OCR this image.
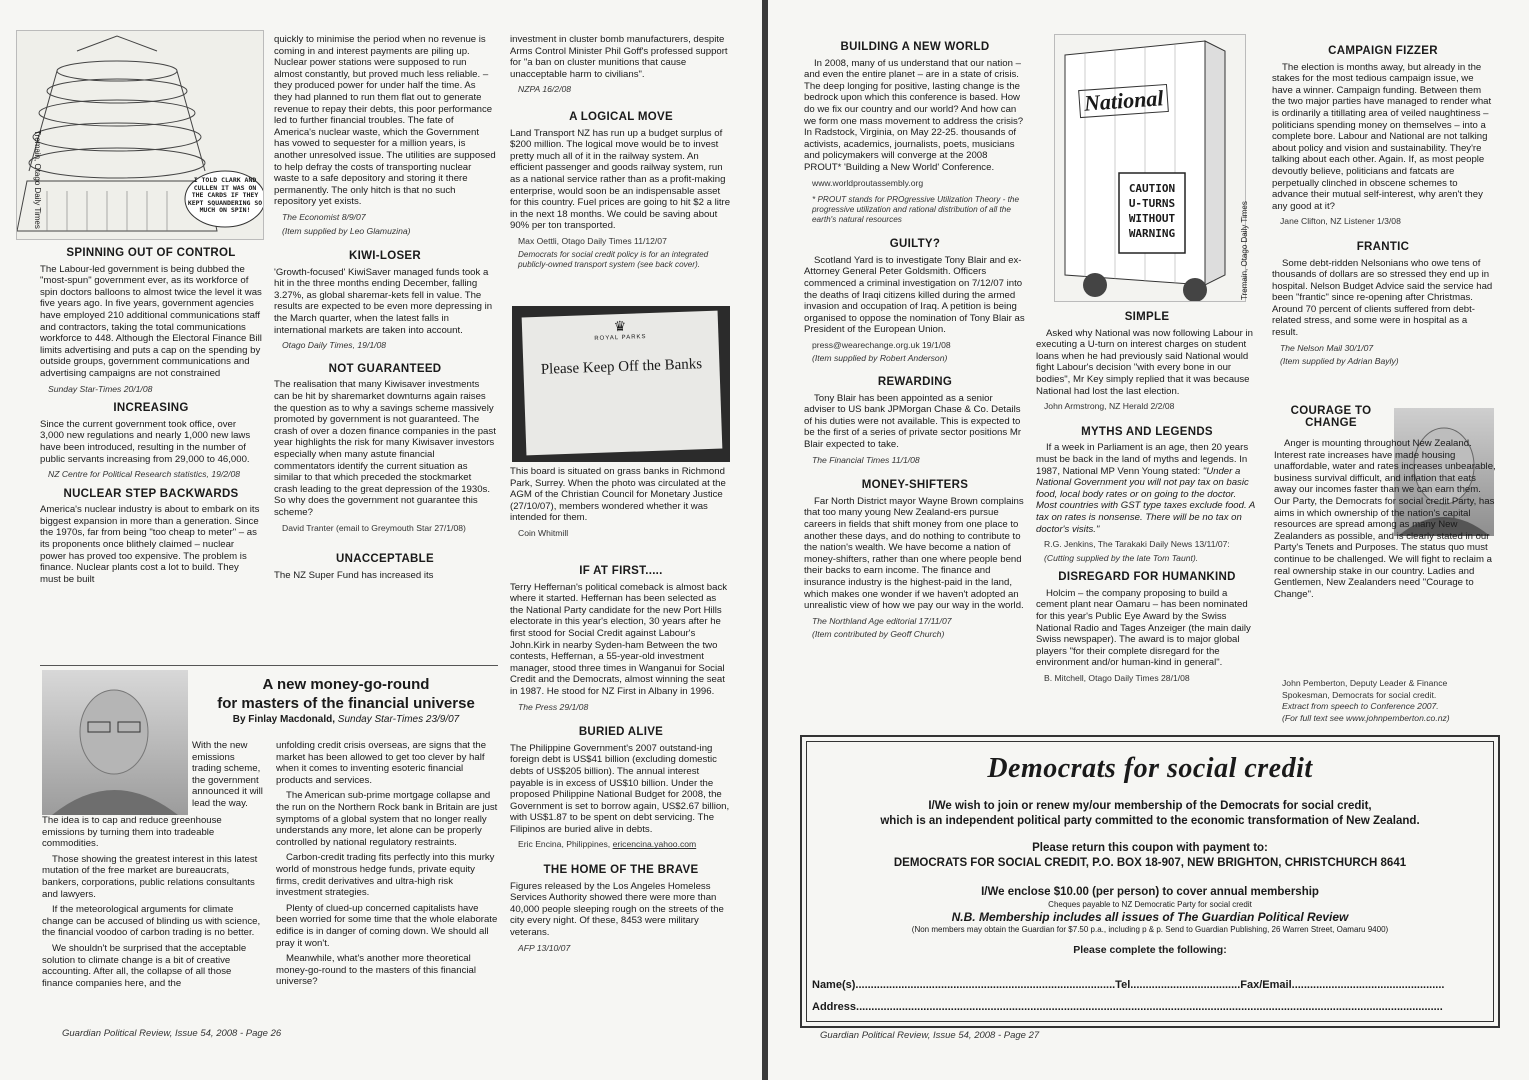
I TOLD CLARK AND CULLEN IT WAS ON THE CARDS IF THEY KEPT SQUANDERING SO MUCH ON SPIN!
Tremain, Otago Daily Times
SPINNING OUT OF CONTROL

The Labour-led government is being dubbed the "most-spun" government ever, as its workforce of spin doctors balloons to almost twice the level it was five years ago. In five years, government agencies have employed 210 additional communications staff and contractors, taking the total communications workforce to 448. Although the Electoral Finance Bill limits advertising and puts a cap on the spending by outside groups, government communications and advertising campaigns are not constrained

Sunday Star-Times 20/1/08
INCREASING

Since the current government took office, over 3,000 new regulations and nearly 1,000 new laws have been introduced, resulting in the number of public servants increasing from 29,000 to 46,000.

NZ Centre for Political Research statistics, 19/2/08
NUCLEAR STEP BACKWARDS

America's nuclear industry is about to embark on its biggest expansion in more than a generation. Since the 1970s, far from being "too cheap to meter" – as its proponents once blithely claimed – nuclear power has proved too expensive. The problem is finance. Nuclear plants cost a lot to build. They must be built

quickly to minimise the period when no revenue is coming in and interest payments are piling up. Nuclear power stations were supposed to run almost constantly, but proved much less reliable. – they produced power for under half the time. As they had planned to run them flat out to generate revenue to repay their debts, this poor performance led to further financial troubles. The fate of America's nuclear waste, which the Government has vowed to sequester for a million years, is another unresolved issue. The utilities are supposed to help defray the costs of transporting nuclear waste to a safe depository and storing it there permanently. The only hitch is that no such repository yet exists.

The Economist 8/9/07
(Item supplied by Leo Glamuzina)
KIWI-LOSER

'Growth-focused' KiwiSaver managed funds took a hit in the three months ending December, falling 3.27%, as global sharemar-kets fell in value. The results are expected to be even more depressing in the March quarter, when the latest falls in international markets are taken into account.

Otago Daily Times, 19/1/08
NOT GUARANTEED

The realisation that many Kiwisaver investments can be hit by sharemarket downturns again raises the question as to why a savings scheme massively promoted by government is not guaranteed. The crash of over a dozen finance companies in the past year highlights the risk for many Kiwisaver investors especially when many astute financial commentators identify the current situation as similar to that which preceded the stockmarket crash leading to the great depression of the 1930s. So why does the government not guarantee this scheme?

David Tranter (email to Greymouth Star 27/1/08)
UNACCEPTABLE

The NZ Super Fund has increased its

investment in cluster bomb manufacturers, despite Arms Control Minister Phil Goff's professed support for "a ban on cluster munitions that cause unacceptable harm to civilians".

NZPA 16/2/08
A LOGICAL MOVE

Land Transport NZ has run up a budget surplus of $200 million. The logical move would be to invest pretty much all of it in the railway system. An efficient passenger and goods railway system, run as a national service rather than as a profit-making enterprise, would soon be an indispensable asset for this country. Fuel prices are going to hit $2 a litre in the next 18 months. We could be saving about 90% per ton transported.

Max Oettli, Otago Daily Times 11/12/07
Democrats for social credit policy is for an integrated publicly-owned transport system (see back cover).
♛
ROYAL PARKS
Please Keep Off the Banks

This board is situated on grass banks in Richmond Park, Surrey. When the photo was circulated at the AGM of the Christian Council for Monetary Justice (27/10/07), members wondered whether it was intended for them.

Coin Whitmill
A new money-go-round
for masters of the financial universe
By Finlay Macdonald, Sunday Star-Times 23/9/07

With the new emissions trading scheme, the government announced it will lead the way.

The idea is to cap and reduce greenhouse emissions by turning them into tradeable commodities.

Those showing the greatest interest in this latest mutation of the free market are bureaucrats, bankers, corporations, public relations consultants and lawyers.

If the meteorological arguments for climate change can be accused of blinding us with science, the financial voodoo of carbon trading is no better.

We shouldn't be surprised that the acceptable solution to climate change is a bit of creative accounting. After all, the collapse of all those finance companies here, and the

unfolding credit crisis overseas, are signs that the market has been allowed to get too clever by half when it comes to inventing esoteric financial products and services.

The American sub-prime mortgage collapse and the run on the Northern Rock bank in Britain are just symptoms of a global system that no longer really understands any more, let alone can be properly controlled by national regulatory restraints.

Carbon-credit trading fits perfectly into this murky world of monstrous hedge funds, private equity firms, credit derivatives and ultra-high risk investment strategies.

Plenty of clued-up concerned capitalists have been worried for some time that the whole elaborate edifice is in danger of coming down. We should all pray it won't.

Meanwhile, what's another more theoretical money-go-round to the masters of this financial universe?

IF AT FIRST.....

Terry Heffernan's political comeback is almost back where it started. Heffernan has been selected as the National Party candidate for the new Port Hills electorate in this year's election, 30 years after he first stood for Social Credit against Labour's John.Kirk in nearby Syden-ham Between the two contests, Heffernan, a 55-year-old investment manager, stood three times in Wanganui for Social Credit and the Democrats, almost winning the seat in 1987. He stood for NZ First in Albany in 1996.

The Press 29/1/08
BURIED ALIVE

The Philippine Government's 2007 outstand-ing foreign debt is US$41 billion (excluding domestic debts of US$205 billion). The annual interest payable is in excess of US$10 billion. Under the proposed Philippine National Budget for 2008, the Government is set to borrow again, US$2.67 billion, with US$1.87 to be spent on debt servicing. The Filipinos are buried alive in debts.

Eric Encina, Philippines, ericencina.yahoo.com
THE HOME OF THE BRAVE

Figures released by the Los Angeles Homeless Services Authority showed there were more than 40,000 people sleeping rough on the streets of the city every night. Of these, 8453 were military veterans.

AFP 13/10/07
Guardian Political Review, Issue 54, 2008 - Page 26
BUILDING A NEW WORLD

In 2008, many of us understand that our nation – and even the entire planet – are in a state of crisis. The deep longing for positive, lasting change is the bedrock upon which this conference is based. How do we fix our country and our world? And how can we form one mass movement to address the crisis? In Radstock, Virginia, on May 22-25. thousands of activists, academics, journalists, poets, musicians and policymakers will converge at the 2008 PROUT* 'Building a New World' Conference.

www.worldproutassembly.org
* PROUT stands for PROgressive Utilization Theory - the progressive utilization and rational distribution of all the earth's natural resources
GUILTY?

Scotland Yard is to investigate Tony Blair and ex-Attorney General Peter Goldsmith. Officers commenced a criminal investigation on 7/12/07 into the deaths of Iraqi citizens killed during the armed invasion and occupation of Iraq. A petition is being organised to oppose the nomination of Tony Blair as President of the European Union.

press@wearechange.org.uk 19/1/08
(Item supplied by Robert Anderson)
REWARDING

Tony Blair has been appointed as a senior adviser to US bank JPMorgan Chase & Co. Details of his duties were not available. This is expected to be the first of a series of private sector positions Mr Blair expected to take.

The Financial Times 11/1/08
MONEY-SHIFTERS

Far North District mayor Wayne Brown complains that too many young New Zealand-ers pursue careers in fields that shift money from one place to another these days, and do nothing to contribute to the nation's wealth. We have become a nation of money-shifters, rather than one where people bend their backs to earn income. The finance and insurance industry is the highest-paid in the land, which makes one wonder if we haven't adopted an unrealistic view of how we pay our way in the world.

The Northland Age editorial 17/11/07
(Item contributed by Geoff Church)
National
CAUTION U-TURNS WITHOUT WARNING	Tremain, Otago Daily Times
SIMPLE

Asked why National was now following Labour in executing a U-turn on interest charges on student loans when he had previously said National would fight Labour's decision "with every bone in our bodies", Mr Key simply replied that it was because National had lost the last election.

John Armstrong, NZ Herald 2/2/08
MYTHS AND LEGENDS

If a week in Parliament is an age, then 20 years must be back in the land of myths and legends. In 1987, National MP Venn Young stated: "Under a National Government you will not pay tax on basic food, local body rates or on going to the doctor. Most countries with GST type taxes exclude food. A tax on rates is nonsense. There will be no tax on doctor's visits."

R.G. Jenkins, The Tarakaki Daily News 13/11/07:
(Cutting supplied by the late Tom Taunt).
DISREGARD FOR HUMANKIND

Holcim – the company proposing to build a cement plant near Oamaru – has been nominated for this year's Public Eye Award by the Swiss National Radio and Tages Anzeiger (the main daily Swiss newspaper). The award is to major global players "for their complete disregard for the environment and/or human-kind in general".

B. Mitchell, Otago Daily Times 28/1/08
CAMPAIGN FIZZER

The election is months away, but already in the stakes for the most tedious campaign issue, we have a winner. Campaign funding. Between them the two major parties have managed to render what is ordinarily a titillating area of veiled naughtiness – politicians spending money on themselves – into a complete bore. Labour and National are not talking about policy and vision and sustainability. They're talking about each other. Again. If, as most people devoutly believe, politicians and fatcats are perpetually clinched in obscene schemes to advance their mutual self-interest, why aren't they any good at it?

Jane Clifton, NZ Listener 1/3/08
FRANTIC

Some debt-ridden Nelsonians who owe tens of thousands of dollars are so stressed they end up in hospital. Nelson Budget Advice said the service had been "frantic" since re-opening after Christmas. Around 70 percent of clients suffered from debt-related stress, and some were in hospital as a result.

The Nelson Mail 30/1/07
(Item supplied by Adrian Bayly)
COURAGE TO
CHANGE

Anger is mounting throughout New Zealand. Interest rate increases have made housing unaffordable, water and rates increases unbearable, business survival difficult, and inflation that eats away our incomes faster than we can earn them. Our Party, the Democrats for social credit Party, has aims in which ownership of the nation's capital resources are spread among as many New Zealanders as possible, and is clearly stated in our Party's Tenets and Purposes. The status quo must continue to be challenged. We will fight to reclaim a real ownership stake in our country. Ladies and Gentlemen, New Zealanders need "Courage to Change".

John Pemberton, Deputy Leader & Finance Spokesman, Democrats for social credit.
Extract from speech to Conference 2007.
(For full text see www.johnpemberton.co.nz)
Democrats for social credit
I/We wish to join or renew my/our membership of the Democrats for social credit,
which is an independent political party committed to the economic transformation of New Zealand.
Please return this coupon with payment to:
DEMOCRATS FOR SOCIAL CREDIT, P.O. BOX 18-907, NEW BRIGHTON, CHRISTCHURCH 8641
I/We enclose $10.00 (per person) to cover annual membership
Cheques payable to NZ Democratic Party for social credit
N.B. Membership includes all issues of The Guardian Political Review
(Non members may obtain the Guardian for $7.50 p.a., including p & p. Send to Guardian Publishing, 26 Warren Street, Oamaru 9400)
Please complete the following:
Name(s).....................................................................................Tel....................................Fax/Email..................................................
Address................................................................................................................................................................................................
Guardian Political Review, Issue 54, 2008 - Page 27
